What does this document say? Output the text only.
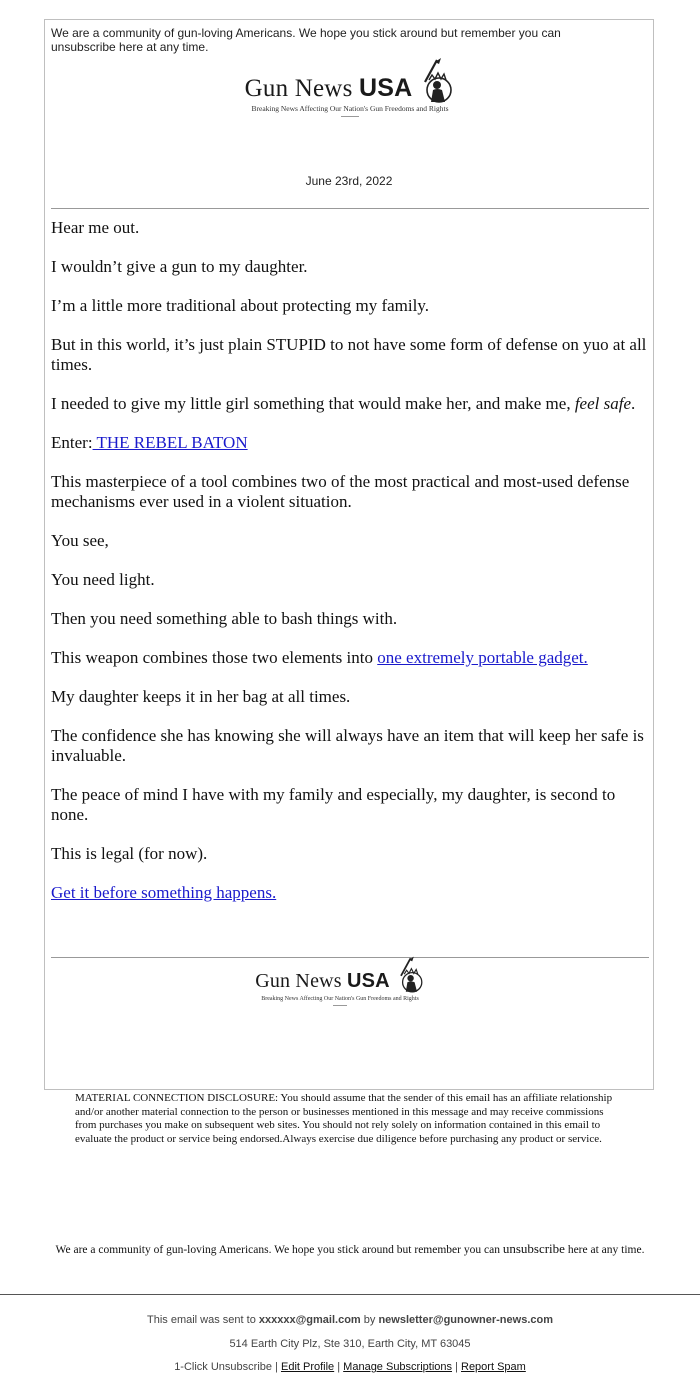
We are a community of gun-loving Americans. We hope you stick around but remember you can unsubscribe here at any time.
Gun News USA
Breaking News Affecting Our Nation's Gun Freedoms and Rights
June 23rd, 2022

Hear me out.

I wouldn’t give a gun to my daughter.

I’m a little more traditional about protecting my family.

But in this world, it’s just plain STUPID to not have some form of defense on yuo at all times.

I needed to give my little girl something that would make her, and make me, feel safe.

Enter: THE REBEL BATON

This masterpiece of a tool combines two of the most practical and most-used defense mechanisms ever used in a violent situation.

You see,

You need light.

Then you need something able to bash things with.

This weapon combines those two elements into one extremely portable gadget.

My daughter keeps it in her bag at all times.

The confidence she has knowing she will always have an item that will keep her safe is invaluable.

The peace of mind I have with my family and especially, my daughter, is second to none.

This is legal (for now).

Get it before something happens.

Gun News USA
Breaking News Affecting Our Nation's Gun Freedoms and Rights
MATERIAL CONNECTION DISCLOSURE: You should assume that the sender of this email has an affiliate relationship and/or another material connection to the person or businesses mentioned in this message and may receive commissions from purchases you make on subsequent web sites. You should not rely solely on information contained in this email to evaluate the product or service being endorsed.Always exercise due diligence before purchasing any product or service.
We are a community of gun-loving Americans. We hope you stick around but remember you can unsubscribe here at any time.
This email was sent to xxxxxx@gmail.com by newsletter@gunowner-news.com
514 Earth City Plz, Ste 310, Earth City, MT 63045
1-Click Unsubscribe | Edit Profile | Manage Subscriptions | Report Spam
